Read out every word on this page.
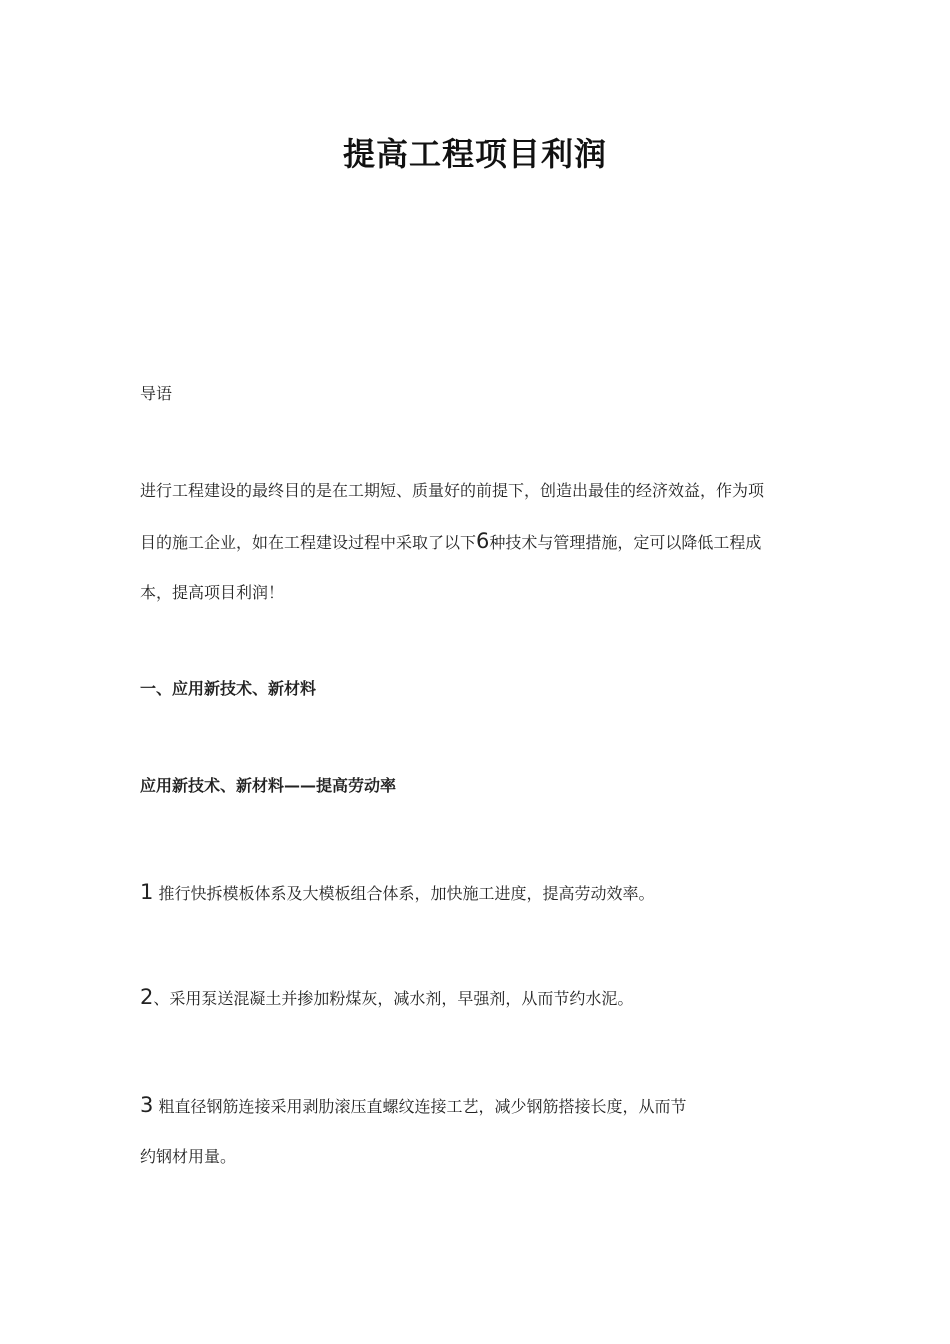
提高工程项目利润
导语
进行工程建设的最终目的是在工期短、质量好的前提下，创造出最佳的经济效益，作为项
目的施工企业，如在工程建设过程中采取了以下6种技术与管理措施，定可以降低工程成
本，提高项目利润！
一、应用新技术、新材料
应用新技术、新材料——提高劳动率
1 推行快拆模板体系及大模板组合体系，加快施工进度，提高劳动效率。
2、采用泵送混凝土并掺加粉煤灰，减水剂，早强剂，从而节约水泥。
3 粗直径钢筋连接采用剥肋滚压直螺纹连接工艺，减少钢筋搭接长度，从而节
约钢材用量。
